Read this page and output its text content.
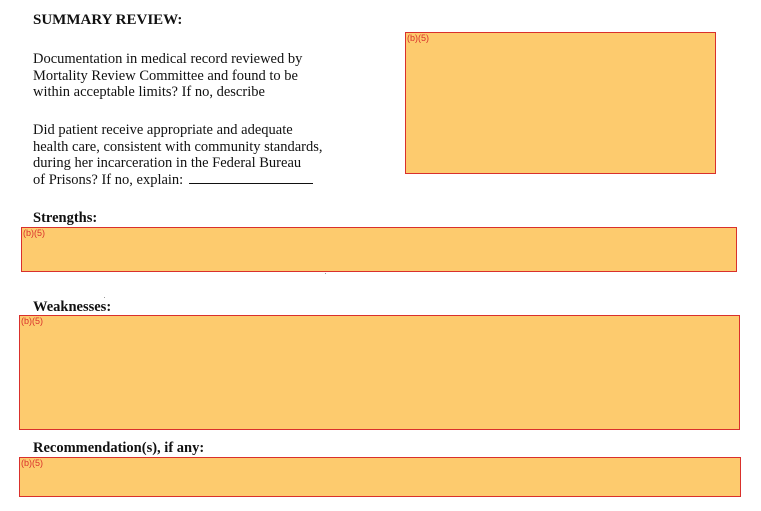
SUMMARY REVIEW:

Documentation in medical record reviewed by
Mortality Review Committee and found to be
within acceptable limits? If no, describe

Did patient receive appropriate and adequate
health care, consistent with community standards,
during her incarceration in the Federal Bureau
of Prisons? If no, explain:

(b)(5)

Strengths:

(b)(5)

Weaknesses:

(b)(5)

Recommendation(s), if any:

(b)(5)
